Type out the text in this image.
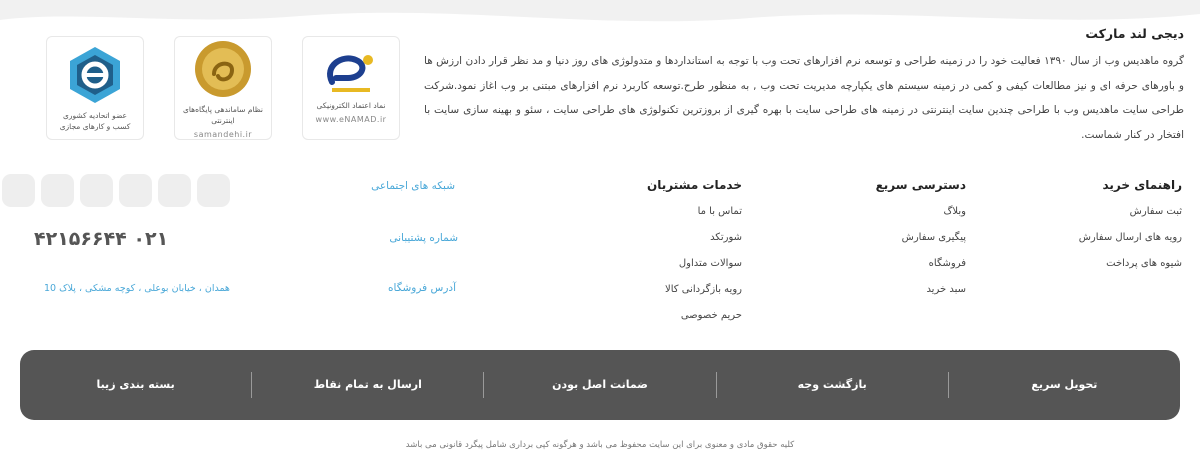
دیجی لند مارکت

گروه ماهدیس وب از سال ۱۳۹۰ فعالیت خود را در زمینه طراحی و توسعه نرم افزارهای تحت وب با توجه به استانداردها و متدولوژی های روز دنیا و مد نظر قرار دادن ارزش ها و باورهای حرفه ای و نیز مطالعات کیفی و کمی در زمینه سیستم های یکپارچه مدیریت تحت وب , به منظور طرح.توسعه کاربرد نرم افزارهای مبتنی بر وب اغاز نمود.شرکت طراحی سایت ماهدیس وب با طراحی چندین سایت اینترنتی در زمینه های طراحی سایت با بهره گیری از بروزترین تکنولوژی های طراحی سایت ، سئو و بهینه سازی سایت با افتخار در کنار شماست.

عضو اتحادیه کشوری
کسب و کارهای مجازی
نظام ساماندهی پایگاه‌های اینترنتی
samandehi.ir
نماد اعتماد الکترونیکی
www.eNAMAD.ir
راهنمای خرید
ثبت سفارش
رویه های ارسال سفارش
شیوه های پرداخت
دسترسی سریع
وبلاگ
پیگیری سفارش
فروشگاه
سبد خرید
خدمات مشتریان
تماس با ما
شورتکد
سوالات متداول
رویه بازگردانی کالا
حریم خصوصی
شبکه های اجتماعی
شماره پشتیبانی
۰۲۱ ۴۲۱۵۶۶۴۴
آدرس فروشگاه
همدان ، خیابان بوعلی ، کوچه مشکی ، پلاک 10
تحویل سریع
بازگشت وجه
ضمانت اصل بودن
ارسال به تمام نقاط
بسته بندی زیبا
کلیه حقوق مادی و معنوی برای این سایت محفوظ می باشد و هرگونه کپی برداری شامل پیگرد قانونی می باشد
